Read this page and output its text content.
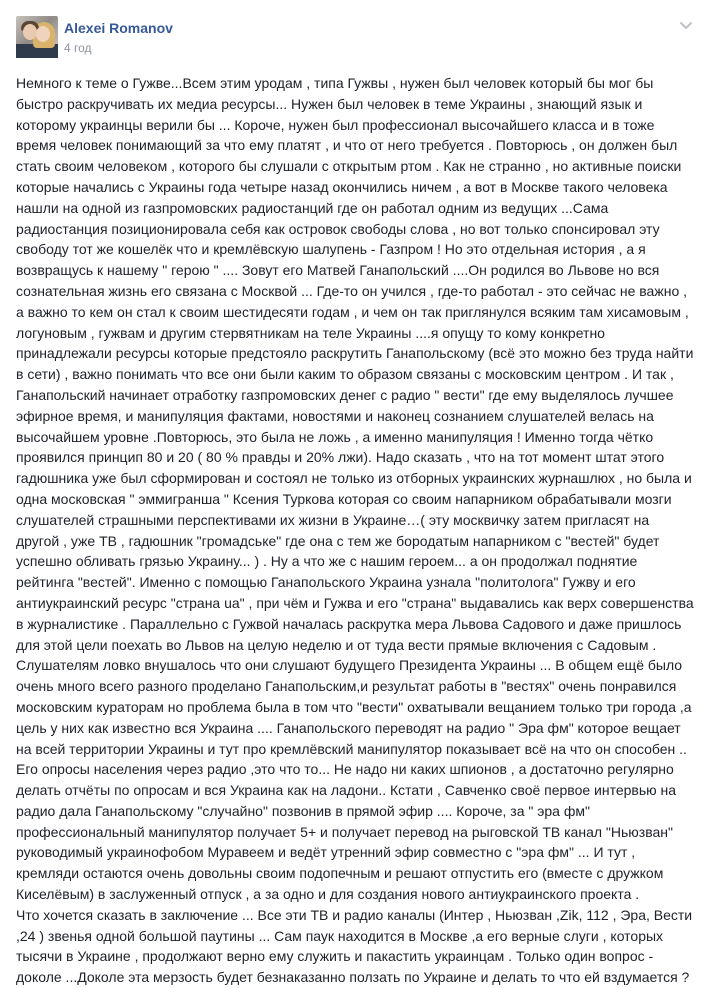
Alexei Romanov
4 год
Немного к теме о Гужве...Всем этим уродам , типа Гужвы , нужен был человек который бы мог бы быстро раскручивать их медиа ресурсы... Нужен был человек в теме Украины , знающий язык и которому украинцы верили бы ... Короче, нужен был профессионал высочайшего класса и в тоже время человек понимающий за что ему платят , и что от него требуется . Повторюсь , он должен был стать своим человеком , которого бы слушали с открытым ртом . Как не странно , но активные поиски которые начались с Украины года четыре назад окончились ничем , а вот в Москве такого человека нашли на одной из газпромовских радиостанций где он работал одним из ведущих ...Сама радиостанция позиционировала себя как островок свободы слова , но вот только спонсировал эту свободу тот же кошелёк что и кремлёвскую шалупень - Газпром ! Но это отдельная история , а я возвращусь к нашему " герою " .... Зовут его Матвей Ганапольский ....Он родился во Львове но вся сознательная жизнь его связана с Москвой ... Где-то он учился , где-то работал - это сейчас не важно , а важно то кем он стал к своим шестидесяти годам , и чем он так приглянулся всяким там хисамовым , логуновым , гужвам и другим стервятникам на теле Украины ....я опущу то кому конкретно принадлежали ресурсы которые предстояло раскрутить Ганапольскому (всё это можно без труда найти в сети) , важно понимать что все они были каким то образом связаны с московским центром . И так , Ганапольский начинает отработку газпромовских денег с радио " вести" где ему выделялось лучшее эфирное время, и манипуляция фактами, новостями и наконец сознанием слушателей велась на высочайшем уровне .Повторюсь, это была не ложь , а именно манипуляция ! Именно тогда чётко проявился принцип 80 и 20 ( 80 % правды и 20% лжи). Надо сказать , что на тот момент штат этого гадюшника уже был сформирован и состоял не только из отборных украинских журнашлюх , но была и одна московская " эммигранша " Ксения Туркова которая со своим напарником обрабатывали мозги слушателей страшными перспективами их жизни в Украине…( эту москвичку затем пригласят на другой , уже ТВ , гадюшник "громадське" где она с тем же бородатым напарником с "вестей" будет успешно обливать грязью Украину... ) . Ну а что же с нашим героем... а он продолжал поднятие рейтинга "вестей". Именно с помощью Ганапольского Украина узнала "политолога" Гужву и его антиукраинский ресурс "страна ua" , при чём и Гужва и его "страна" выдавались как верх совершенства в журналистике . Параллельно с Гужвой началась раскрутка мера Львова Садового и даже пришлось для этой цели поехать во Львов на целую неделю и от туда вести прямые включения с Садовым . Слушателям ловко внушалось что они слушают будущего Президента Украины ... В общем ещё было очень много всего разного проделано Ганапольским,и результат работы в "вестях" очень понравился московским кураторам но проблема была в том что "вести" охватывали вещанием только три города ,а цель у них как известно вся Украина .... Ганапольского переводят на радио " Эра фм" которое вещает на всей территории Украины и тут про кремлёвский манипулятор показывает всё на что он способен .. Его опросы населения через радио ,это что то... Не надо ни каких шпионов , а достаточно регулярно делать отчёты по опросам и вся Украина как на ладони.. Кстати , Савченко своё первое интервью на радио дала Ганапольскому "случайно" позвонив в прямой эфир .... Короче, за " эра фм" профессиональный манипулятор получает 5+ и получает перевод на рыговской ТВ канал "Ньюзван" руководимый украинофобом Муравеем и ведёт утренний эфир совместно с "эра фм" ... И тут , кремляди остаются очень довольны своим подопечным и решают отпустить его (вместе с дружком Киселёвым) в заслуженный отпуск , а за одно и для создания нового антиукраинского проекта .
Что хочется сказать в заключение ... Все эти ТВ и радио каналы (Интер , Ньюзван ,Zik, 112 , Эра, Вести ,24 ) звенья одной большой паутины ... Сам паук находится в Москве ,а его верные слуги , которых тысячи в Украине , продолжают верно ему служить и пакастить украинцам . Только один вопрос - доколе ...Доколе эта мерзость будет безнаказанно ползать по Украине и делать то что ей вздумается ?
